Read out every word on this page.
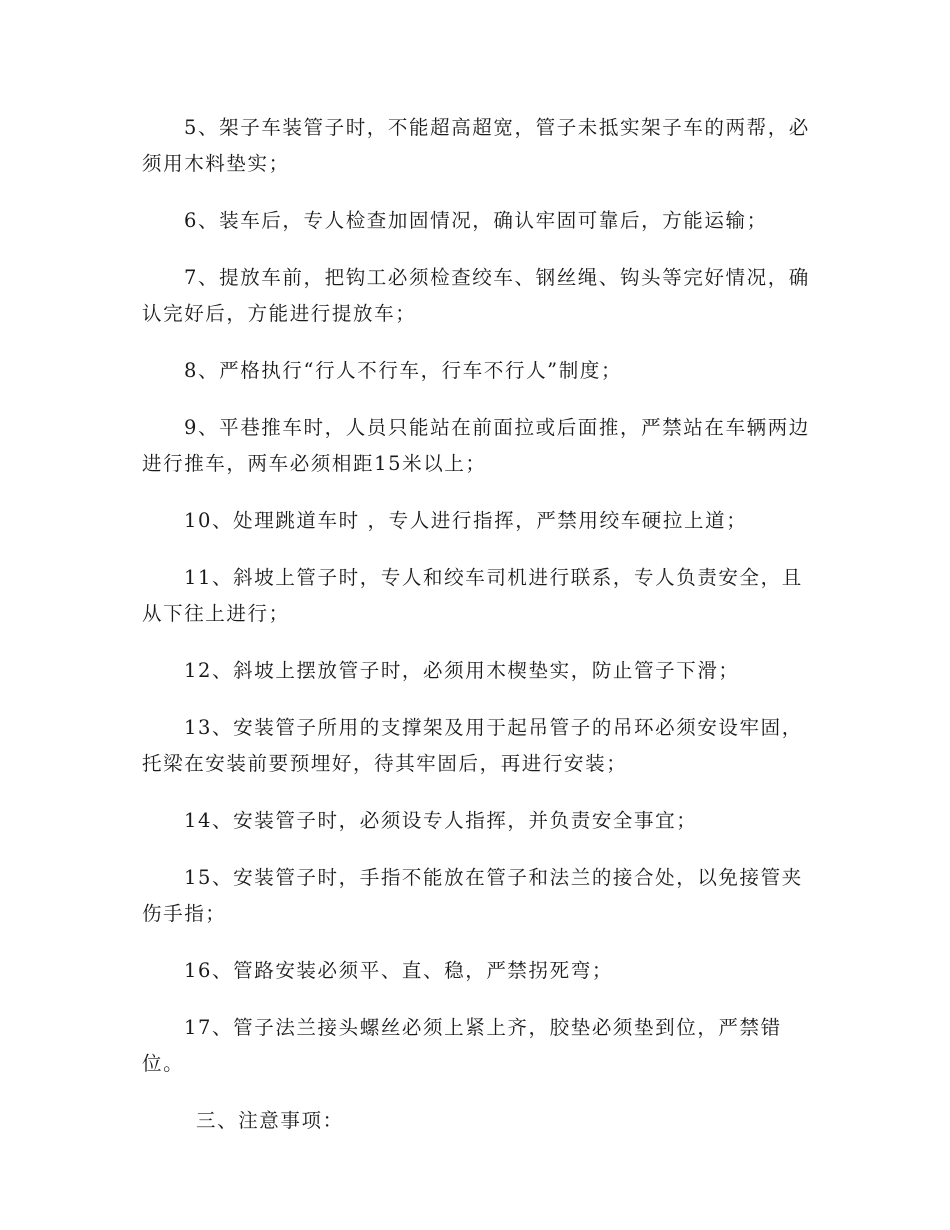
5、架子车装管子时，不能超高超宽，管子未抵实架子车的两帮，必须用木料垫实；

6、装车后，专人检查加固情况，确认牢固可靠后，方能运输；

7、提放车前，把钩工必须检查绞车、钢丝绳、钩头等完好情况，确认完好后，方能进行提放车；

8、严格执行“行人不行车，行车不行人”制度；

9、平巷推车时，人员只能站在前面拉或后面推，严禁站在车辆两边进行推车，两车必须相距15米以上；

10、处理跳道车时 ，专人进行指挥，严禁用绞车硬拉上道；

11、斜坡上管子时，专人和绞车司机进行联系，专人负责安全，且从下往上进行；

12、斜坡上摆放管子时，必须用木楔垫实，防止管子下滑；

13、安装管子所用的支撑架及用于起吊管子的吊环必须安设牢固，托梁在安装前要预埋好，待其牢固后，再进行安装；

14、安装管子时，必须设专人指挥，并负责安全事宜；

15、安装管子时，手指不能放在管子和法兰的接合处，以免接管夹伤手指；

16、管路安装必须平、直、稳，严禁拐死弯；

17、管子法兰接头螺丝必须上紧上齐，胶垫必须垫到位，严禁错位。

三、注意事项：
